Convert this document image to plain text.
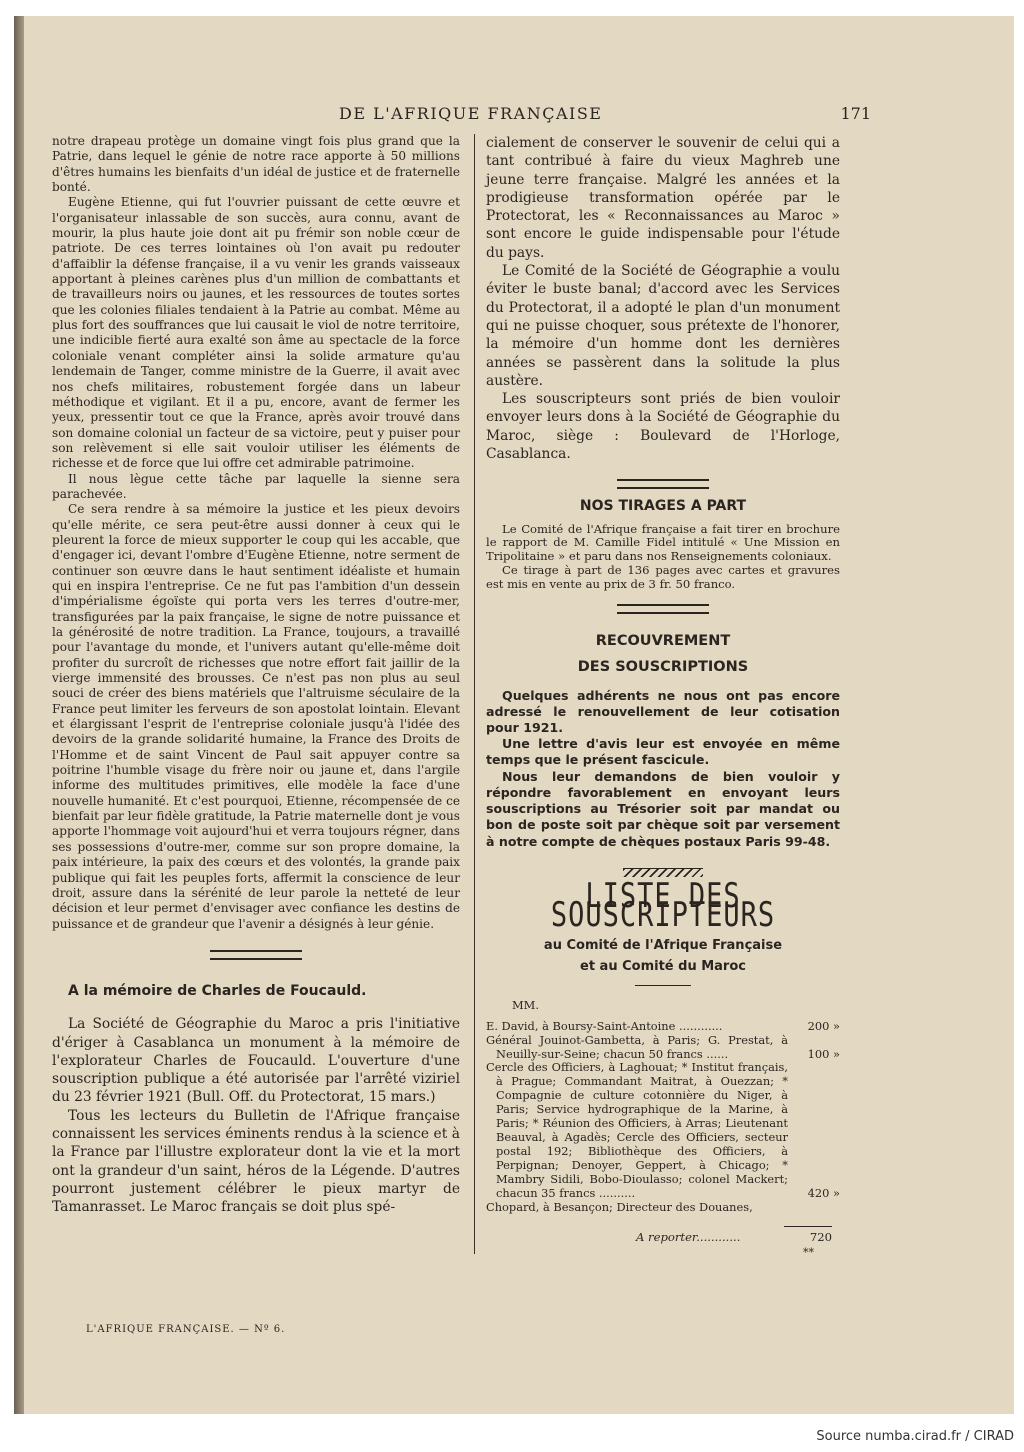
DE L'AFRIQUE FRANÇAISE	171

notre drapeau protège un domaine vingt fois plus grand que la Patrie, dans lequel le génie de notre race apporte à 50 millions d'êtres humains les bienfaits d'un idéal de justice et de fraternelle bonté.

Eugène Etienne, qui fut l'ouvrier puissant de cette œuvre et l'organisateur inlassable de son succès, aura connu, avant de mourir, la plus haute joie dont ait pu frémir son noble cœur de patriote. De ces terres lointaines où l'on avait pu redouter d'affaiblir la défense française, il a vu venir les grands vaisseaux apportant à pleines carènes plus d'un million de combattants et de travailleurs noirs ou jaunes, et les ressources de toutes sortes que les colonies filiales tendaient à la Patrie au combat. Même au plus fort des souffrances que lui causait le viol de notre territoire, une indicible fierté aura exalté son âme au spectacle de la force coloniale venant compléter ainsi la solide armature qu'au lendemain de Tanger, comme ministre de la Guerre, il avait avec nos chefs militaires, robustement forgée dans un labeur méthodique et vigilant. Et il a pu, encore, avant de fermer les yeux, pressentir tout ce que la France, après avoir trouvé dans son domaine colonial un facteur de sa victoire, peut y puiser pour son relèvement si elle sait vouloir utiliser les éléments de richesse et de force que lui offre cet admirable patrimoine.

Il nous lègue cette tâche par laquelle la sienne sera parachevée.

Ce sera rendre à sa mémoire la justice et les pieux devoirs qu'elle mérite, ce sera peut-être aussi donner à ceux qui le pleurent la force de mieux supporter le coup qui les accable, que d'engager ici, devant l'ombre d'Eugène Etienne, notre serment de continuer son œuvre dans le haut sentiment idéaliste et humain qui en inspira l'entreprise. Ce ne fut pas l'ambition d'un dessein d'impérialisme égoïste qui porta vers les terres d'outre-mer, transfigurées par la paix française, le signe de notre puissance et la générosité de notre tradition. La France, toujours, a travaillé pour l'avantage du monde, et l'univers autant qu'elle-même doit profiter du surcroît de richesses que notre effort fait jaillir de la vierge immensité des brousses. Ce n'est pas non plus au seul souci de créer des biens matériels que l'altruisme séculaire de la France peut limiter les ferveurs de son apostolat lointain. Elevant et élargissant l'esprit de l'entreprise coloniale jusqu'à l'idée des devoirs de la grande solidarité humaine, la France des Droits de l'Homme et de saint Vincent de Paul sait appuyer contre sa poitrine l'humble visage du frère noir ou jaune et, dans l'argile informe des multitudes primitives, elle modèle la face d'une nouvelle humanité. Et c'est pourquoi, Etienne, récompensée de ce bienfait par leur fidèle gratitude, la Patrie maternelle dont je vous apporte l'hommage voit aujourd'hui et verra toujours régner, dans ses possessions d'outre-mer, comme sur son propre domaine, la paix intérieure, la paix des cœurs et des volontés, la grande paix publique qui fait les peuples forts, affermit la conscience de leur droit, assure dans la sérénité de leur parole la netteté de leur décision et leur permet d'envisager avec confiance les destins de puissance et de grandeur que l'avenir a désignés à leur génie.

A la mémoire de Charles de Foucauld.

La Société de Géographie du Maroc a pris l'initiative d'ériger à Casablanca un monument à la mémoire de l'explorateur Charles de Foucauld. L'ouverture d'une souscription publique a été autorisée par l'arrêté viziriel du 23 février 1921 (Bull. Off. du Protectorat, 15 mars.)

Tous les lecteurs du Bulletin de l'Afrique française connaissent les services éminents rendus à la science et à la France par l'illustre explorateur dont la vie et la mort ont la grandeur d'un saint, héros de la Légende. D'autres pourront justement célébrer le pieux martyr de Tamanrasset. Le Maroc français se doit plus spé-

L'AFRIQUE FRANÇAISE. — Nº 6.

cialement de conserver le souvenir de celui qui a tant contribué à faire du vieux Maghreb une jeune terre française. Malgré les années et la prodigieuse transformation opérée par le Protectorat, les « Reconnaissances au Maroc » sont encore le guide indispensable pour l'étude du pays.

Le Comité de la Société de Géographie a voulu éviter le buste banal; d'accord avec les Services du Protectorat, il a adopté le plan d'un monument qui ne puisse choquer, sous prétexte de l'honorer, la mémoire d'un homme dont les dernières années se passèrent dans la solitude la plus austère.

Les souscripteurs sont priés de bien vouloir envoyer leurs dons à la Société de Géographie du Maroc, siège : Boulevard de l'Horloge, Casablanca.

NOS TIRAGES A PART

Le Comité de l'Afrique française a fait tirer en brochure le rapport de M. Camille Fidel intitulé « Une Mission en Tripolitaine » et paru dans nos Renseignements coloniaux.

Ce tirage à part de 136 pages avec cartes et gravures est mis en vente au prix de 3 fr. 50 franco.

RECOUVREMENT
DES SOUSCRIPTIONS

Quelques adhérents ne nous ont pas encore adressé le renouvellement de leur cotisation pour 1921.

Une lettre d'avis leur est envoyée en même temps que le présent fascicule.

Nous leur demandons de bien vouloir y répondre favorablement en envoyant leurs souscriptions au Trésorier soit par mandat ou bon de poste soit par chèque soit par versement à notre compte de chèques postaux Paris 99-48.

LISTE DES SOUSCRIPTEURS
au Comité de l'Afrique Française
et au Comité du Maroc
MM.
E. David, à Boursy-Saint-Antoine ............	200 »
Général Jouinot-Gambetta, à Paris; G. Prestat, à Neuilly-sur-Seine; chacun 50 francs ......	100 »
Cercle des Officiers, à Laghouat; * Institut français, à Prague; Commandant Maitrat, à Ouezzan; * Compagnie de culture cotonnière du Niger, à Paris; Service hydrographique de la Marine, à Paris; * Réunion des Officiers, à Arras; Lieutenant Beauval, à Agadès; Cercle des Officiers, secteur postal 192; Bibliothèque des Officiers, à Perpignan; Denoyer, Geppert, à Chicago; * Mambry Sidili, Bobo-Dioulasso; colonel Mackert; chacun 35 francs ..........	420 »
Chopard, à Besançon; Directeur des Douanes,
A reporter............	720
**
Source numba.cirad.fr / CIRAD
